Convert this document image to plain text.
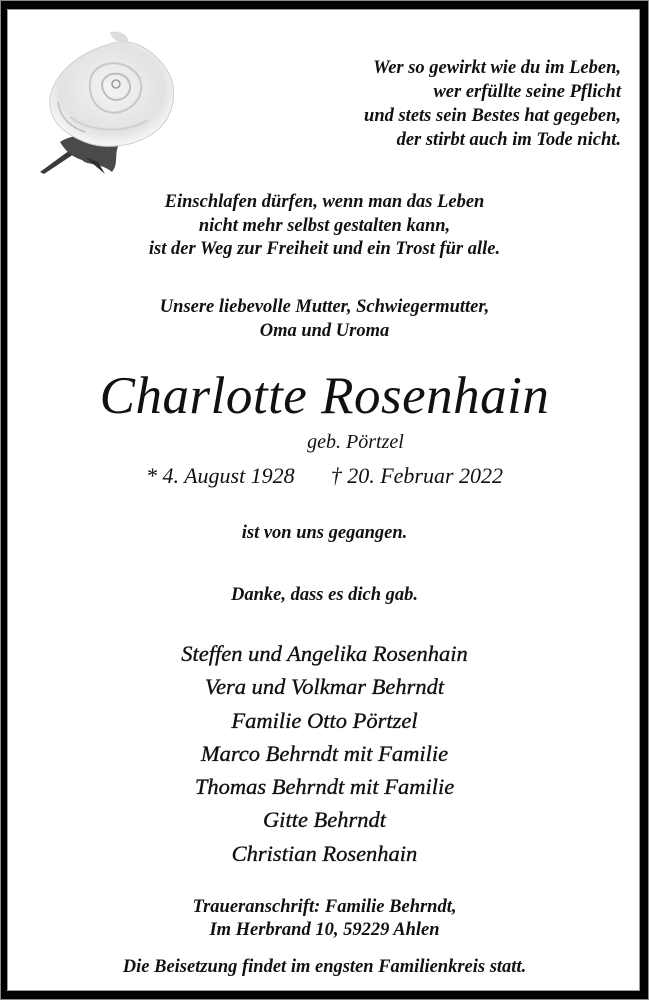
Wer so gewirkt wie du im Leben,
wer erfüllte seine Pflicht
und stets sein Bestes hat gegeben,
der stirbt auch im Tode nicht.
Einschlafen dürfen, wenn man das Leben
nicht mehr selbst gestalten kann,
ist der Weg zur Freiheit und ein Trost für alle.
Unsere liebevolle Mutter, Schwiegermutter,
Oma und Uroma
Charlotte Rosenhain
geb. Pörtzel
* 4. August 1928 † 20. Februar 2022
ist von uns gegangen.
Danke, dass es dich gab.
Steffen und Angelika Rosenhain
Vera und Volkmar Behrndt
Familie Otto Pörtzel
Marco Behrndt mit Familie
Thomas Behrndt mit Familie
Gitte Behrndt
Christian Rosenhain
Traueranschrift: Familie Behrndt,
Im Herbrand 10, 59229 Ahlen
Die Beisetzung findet im engsten Familienkreis statt.
